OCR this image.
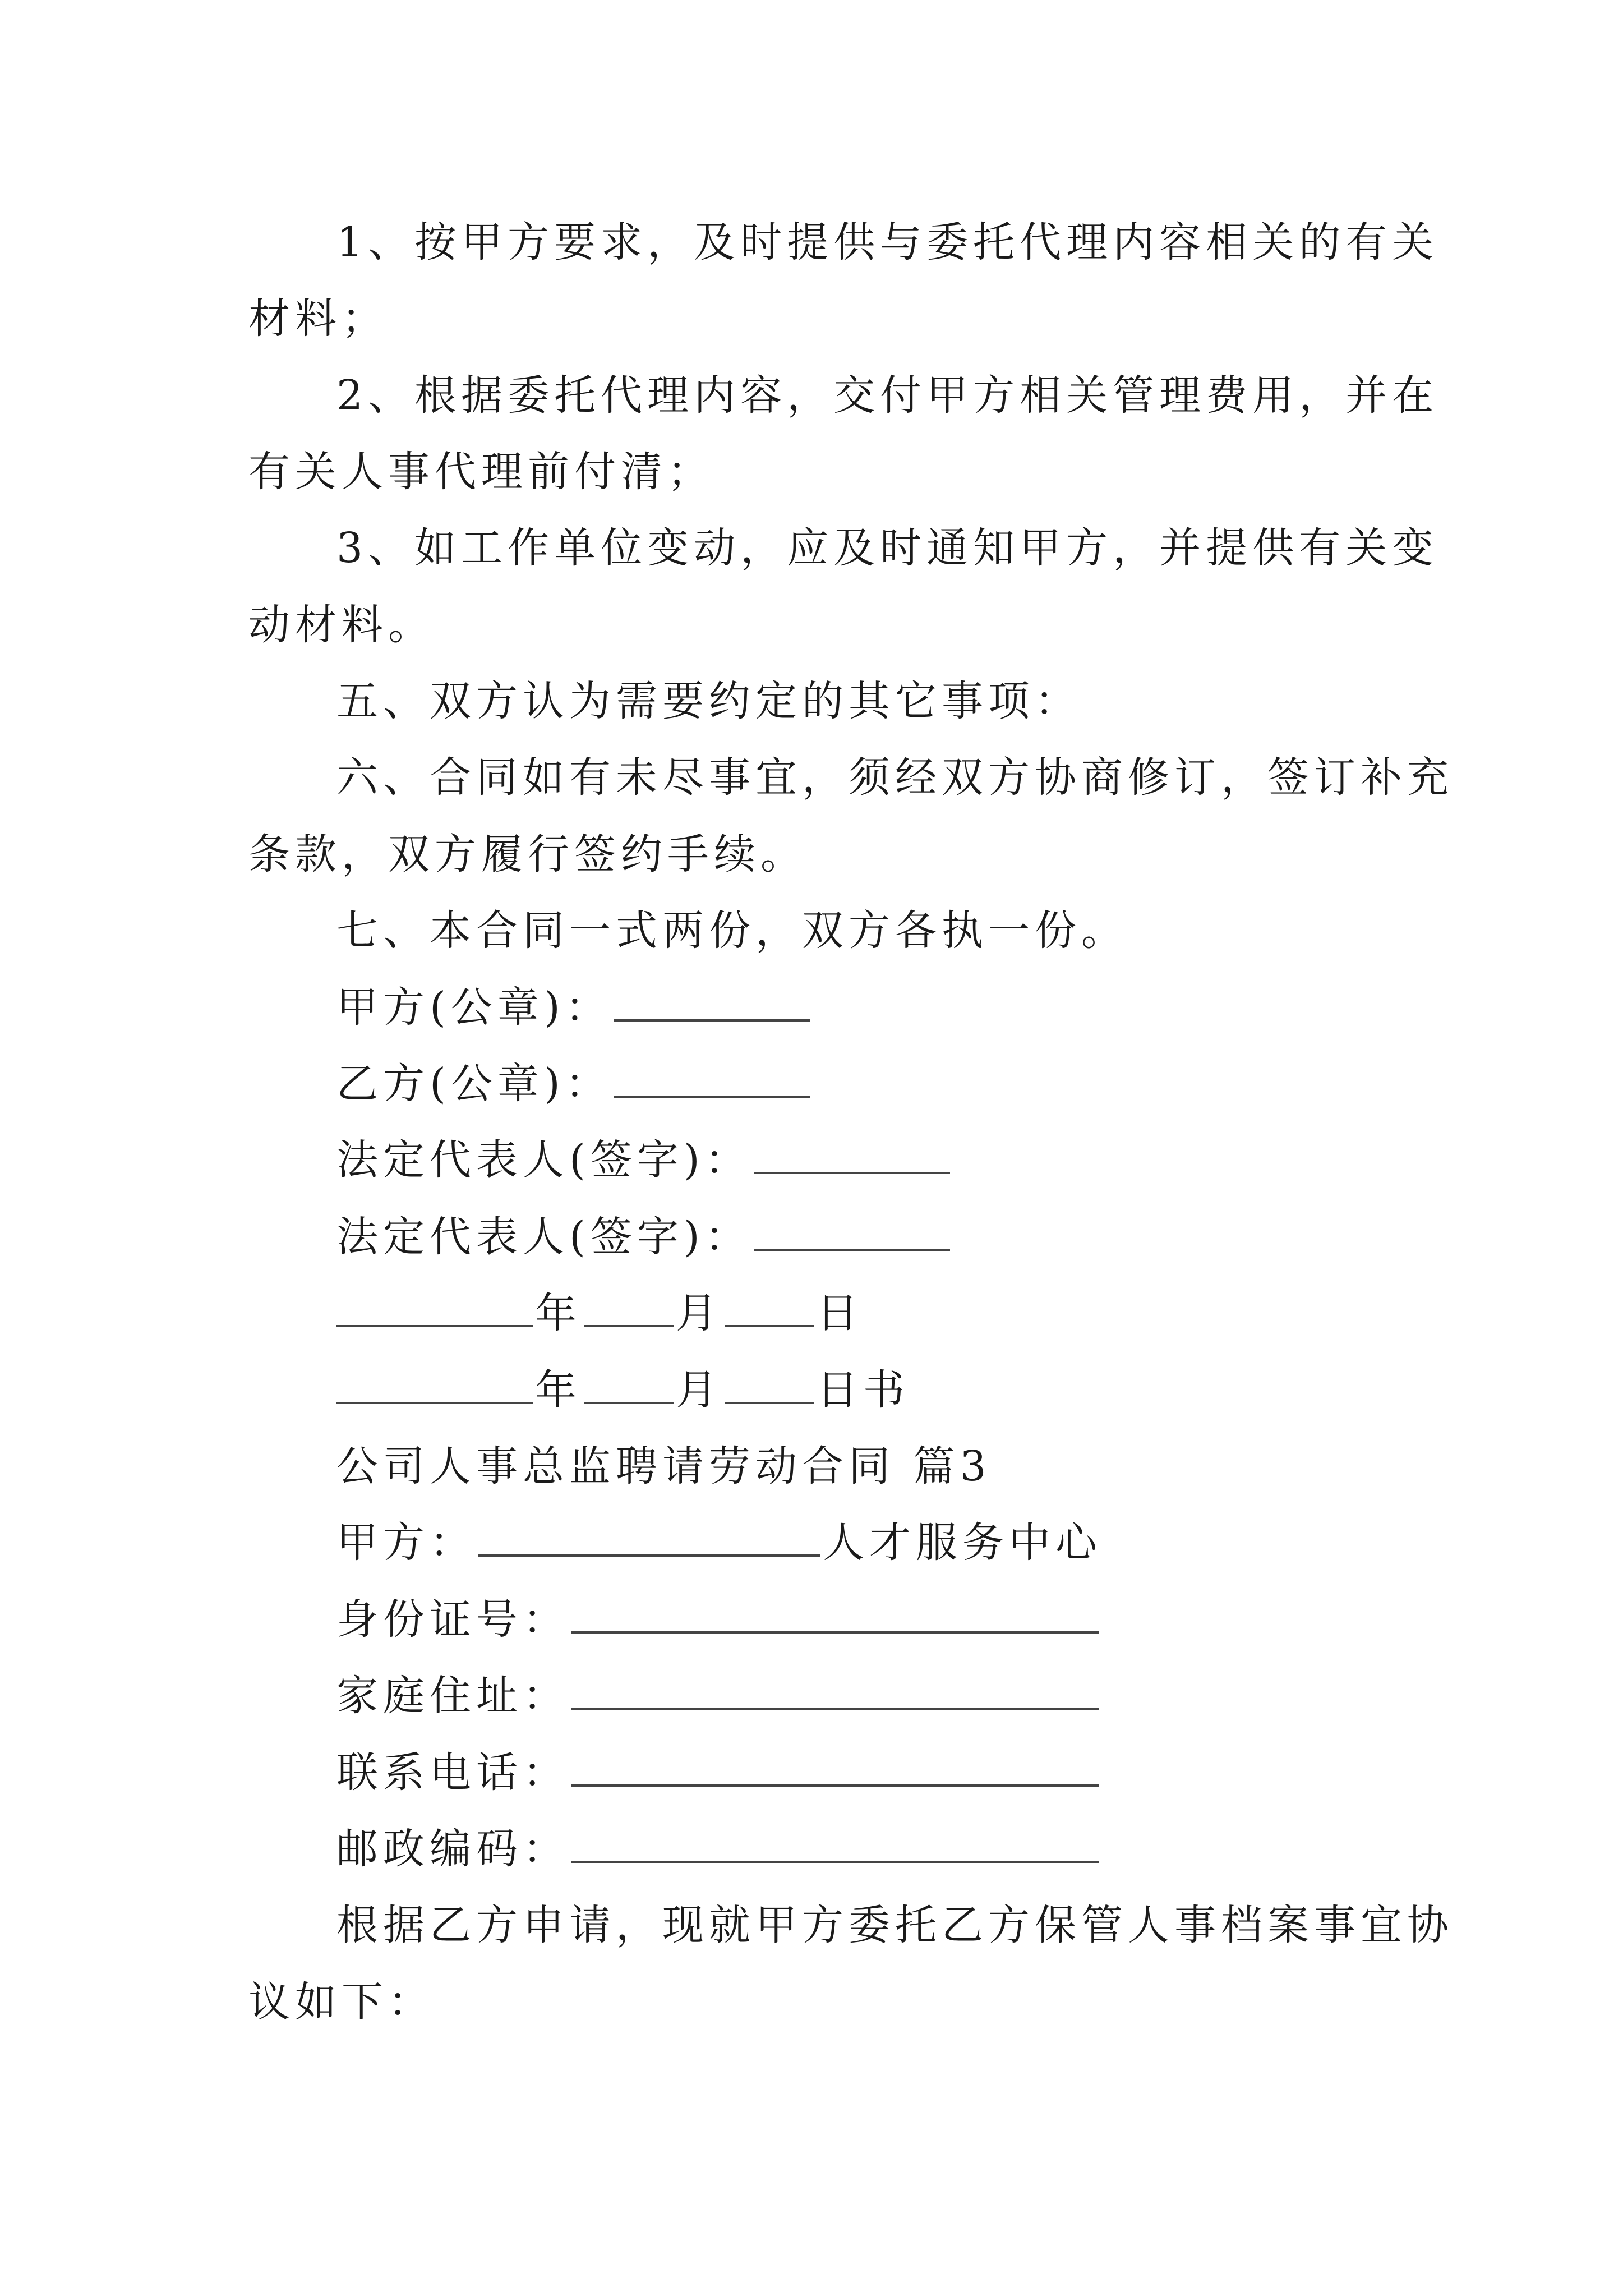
1、按甲方要求，及时提供与委托代理内容相关的有关
材料；
2、根据委托代理内容，交付甲方相关管理费用，并在
有关人事代理前付清；
3、如工作单位变动，应及时通知甲方，并提供有关变
动材料。
五、双方认为需要约定的其它事项：
六、合同如有未尽事宜，须经双方协商修订，签订补充
条款，双方履行签约手续。
七、本合同一式两份，双方各执一份。
甲方(公章)：
乙方(公章)：
法定代表人(签字)：
法定代表人(签字)：
年 月 日
年 月 日书
公司人事总监聘请劳动合同 篇3
甲方：	人才服务中心
身份证号：
家庭住址：
联系电话：
邮政编码：
根据乙方申请，现就甲方委托乙方保管人事档案事宜协
议如下：
